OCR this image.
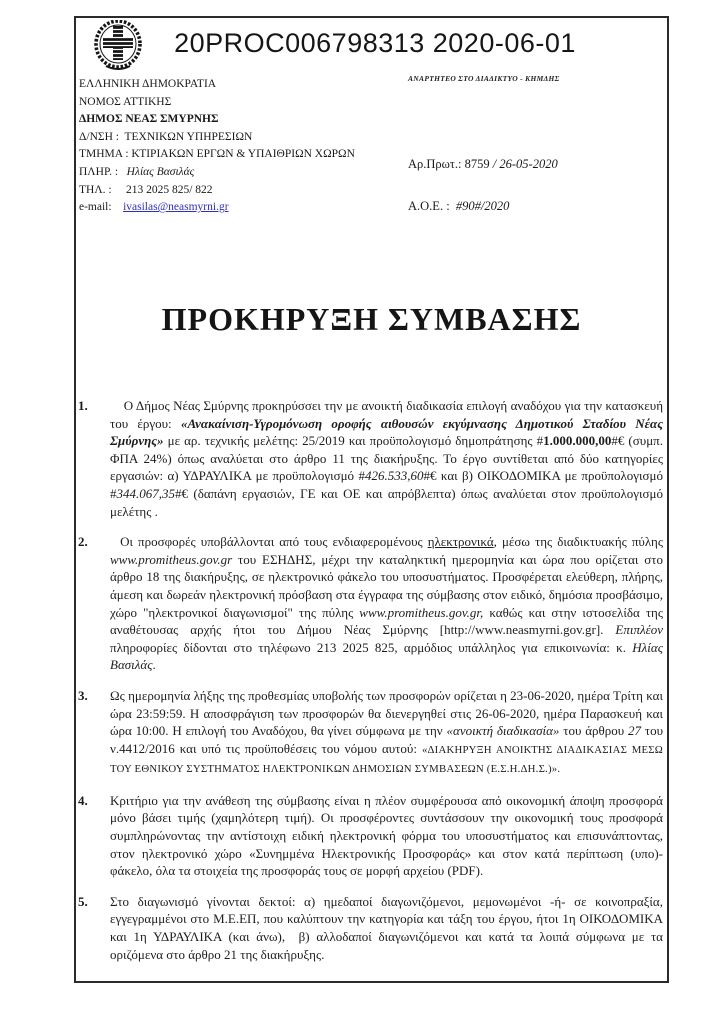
20PROC006798313 2020-06-01
ΕΛΛΗΝΙΚΗ ΔΗΜΟΚΡΑΤΙΑ
ΝΟΜΟΣ ΑΤΤΙΚΗΣ
ΔΗΜΟΣ ΝΕΑΣ ΣΜΥΡΝΗΣ
Δ/ΝΣΗ :  ΤΕΧΝΙΚΩΝ ΥΠΗΡΕΣΙΩΝ
ΤΜΗΜΑ : ΚΤΙΡΙΑΚΩΝ ΕΡΓΩΝ & ΥΠΑΙΘΡΙΩΝ ΧΩΡΩΝ
ΠΛΗΡ. :   Ηλίας Βασιλάς
ΤΗΛ. :     213 2025 825/ 822
e-mail:    ivasilas@neasmyrni.gr
ΑΝΑΡΤΗΤΕΟ ΣΤΟ ΔΙΑΔΙΚΤΥΟ - ΚΗΜΔΗΣ
Αρ.Πρωτ.: 8759 / 26-05-2020
Α.Ο.Ε. :  #90#/2020
ΠΡΟΚΗΡΥΞΗ ΣΥΜΒΑΣΗΣ
1.	Ο Δήμος Νέας Σμύρνης προκηρύσσει την με ανοικτή διαδικασία επιλογή αναδόχου για την κατασκευή του έργου: «Ανακαίνιση-Υγρομόνωση οροφής αιθουσών εκγύμνασης Δημοτικού Σταδίου Νέας Σμύρνης» με αρ. τεχνικής μελέτης: 25/2019 και προϋπολογισμό δημοπράτησης #1.000.000,00#€ (συμπ. ΦΠΑ 24%) όπως αναλύεται στο άρθρο 11 της διακήρυξης. Το έργο συντίθεται από δύο κατηγορίες εργασιών: α) ΥΔΡΑΥΛΙΚΑ με προϋπολογισμό #426.533,60#€ και β) ΟΙΚΟΔΟΜΙΚΑ με προϋπολογισμό #344.067,35#€ (δαπάνη εργασιών, ΓΕ και ΟΕ και απρόβλεπτα) όπως αναλύεται στον προϋπολογισμό μελέτης .
2.	Οι προσφορές υποβάλλονται από τους ενδιαφερομένους ηλεκτρονικά, μέσω της διαδικτυακής πύλης www.promitheus.gov.gr του ΕΣΗΔΗΣ, μέχρι την καταληκτική ημερομηνία και ώρα που ορίζεται στο άρθρο 18 της διακήρυξης, σε ηλεκτρονικό φάκελο του υποσυστήματος. Προσφέρεται ελεύθερη, πλήρης, άμεση και δωρεάν ηλεκτρονική πρόσβαση στα έγγραφα της σύμβασης στον ειδικό, δημόσια προσβάσιμο, χώρο "ηλεκτρονικοί διαγωνισμοί" της πύλης www.promitheus.gov.gr, καθώς και στην ιστοσελίδα της αναθέτουσας αρχής ήτοι του Δήμου Νέας Σμύρνης [http://www.neasmyrni.gov.gr]. Επιπλέον πληροφορίες δίδονται στο τηλέφωνο 213 2025 825, αρμόδιος υπάλληλος για επικοινωνία: κ. Ηλίας Βασιλάς.
3.	Ως ημερομηνία λήξης της προθεσμίας υποβολής των προσφορών ορίζεται η 23-06-2020, ημέρα Τρίτη και ώρα 23:59:59. Η αποσφράγιση των προσφορών θα διενεργηθεί στις 26-06-2020, ημέρα Παρασκευή και ώρα 10:00. Η επιλογή του Αναδόχου, θα γίνει σύμφωνα με την «ανοικτή διαδικασία» του άρθρου 27 του ν.4412/2016 και υπό τις προϋποθέσεις του νόμου αυτού: «ΔΙΑΚΗΡΥΞΗ ΑΝΟΙΚΤΗΣ ΔΙΑΔΙΚΑΣΙΑΣ ΜΕΣΩ ΤΟΥ ΕΘΝΙΚΟΥ ΣΥΣΤΗΜΑΤΟΣ ΗΛΕΚΤΡΟΝΙΚΩΝ ΔΗΜΟΣΙΩΝ ΣΥΜΒΑΣΕΩΝ (Ε.Σ.Η.ΔΗ.Σ.)».
4.	Κριτήριο για την ανάθεση της σύμβασης είναι η πλέον συμφέρουσα από οικονομική άποψη προσφορά μόνο βάσει τιμής (χαμηλότερη τιμή). Οι προσφέροντες συντάσσουν την οικονομική τους προσφορά συμπληρώνοντας την αντίστοιχη ειδική ηλεκτρονική φόρμα του υποσυστήματος και επισυνάπτοντας, στον ηλεκτρονικό χώρο «Συνημμένα Ηλεκτρονικής Προσφοράς» και στον κατά περίπτωση (υπο)-φάκελο, όλα τα στοιχεία της προσφοράς τους σε μορφή αρχείου (PDF).
5.	Στο διαγωνισμό γίνονται δεκτοί: α) ημεδαποί διαγωνιζόμενοι, μεμονωμένοι -ή- σε κοινοπραξία, εγγεγραμμένοι στο Μ.Ε.ΕΠ, που καλύπτουν την κατηγορία και τάξη του έργου, ήτοι 1η ΟΙΚΟΔΟΜΙΚΑ και 1η ΥΔΡΑΥΛΙΚΑ (και άνω),  β) αλλοδαποί διαγωνιζόμενοι και κατά τα λοιπά σύμφωνα με τα οριζόμενα στο άρθρο 21 της διακήρυξης.
